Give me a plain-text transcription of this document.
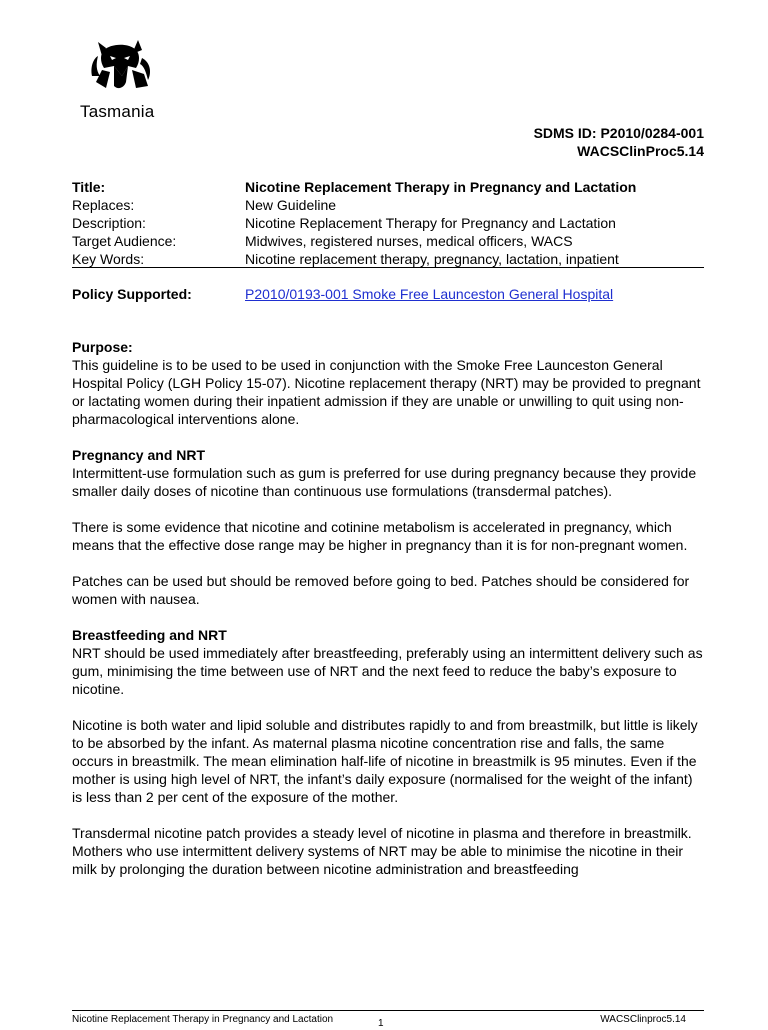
Tasmania
SDMS ID: P2010/0284-001
WACSClinProc5.14
Title:	Nicotine Replacement Therapy in Pregnancy and Lactation
Replaces:	New Guideline
Description:	Nicotine Replacement Therapy for Pregnancy and Lactation
Target Audience:	Midwives, registered nurses, medical officers, WACS
Key Words:	Nicotine replacement therapy, pregnancy, lactation, inpatient
Policy Supported:	P2010/0193-001 Smoke Free Launceston General Hospital
Purpose:

This guideline is to be used to be used in conjunction with the Smoke Free Launceston General Hospital Policy (LGH Policy 15-07). Nicotine replacement therapy (NRT) may be provided to pregnant or lactating women during their inpatient admission if they are unable or unwilling to quit using non-pharmacological interventions alone.

Pregnancy and NRT

Intermittent-use formulation such as gum is preferred for use during pregnancy because they provide smaller daily doses of nicotine than continuous use formulations (transdermal patches).

There is some evidence that nicotine and cotinine metabolism is accelerated in pregnancy, which means that the effective dose range may be higher in pregnancy than it is for non-pregnant women.

Patches can be used but should be removed before going to bed. Patches should be considered for women with nausea.

Breastfeeding and NRT

NRT should be used immediately after breastfeeding, preferably using an intermittent delivery such as gum, minimising the time between use of NRT and the next feed to reduce the baby’s exposure to nicotine.

Nicotine is both water and lipid soluble and distributes rapidly to and from breastmilk, but little is likely to be absorbed by the infant. As maternal plasma nicotine concentration rise and falls, the same occurs in breastmilk. The mean elimination half-life of nicotine in breastmilk is 95 minutes. Even if the mother is using high level of NRT, the infant’s daily exposure (normalised for the weight of the infant) is less than 2 per cent of the exposure of the mother.

Transdermal nicotine patch provides a steady level of nicotine in plasma and therefore in breastmilk. Mothers who use intermittent delivery systems of NRT may be able to minimise the nicotine in their milk by prolonging the duration between nicotine administration and breastfeeding

Nicotine Replacement Therapy in Pregnancy and Lactation	1	WACSClinproc5.14
